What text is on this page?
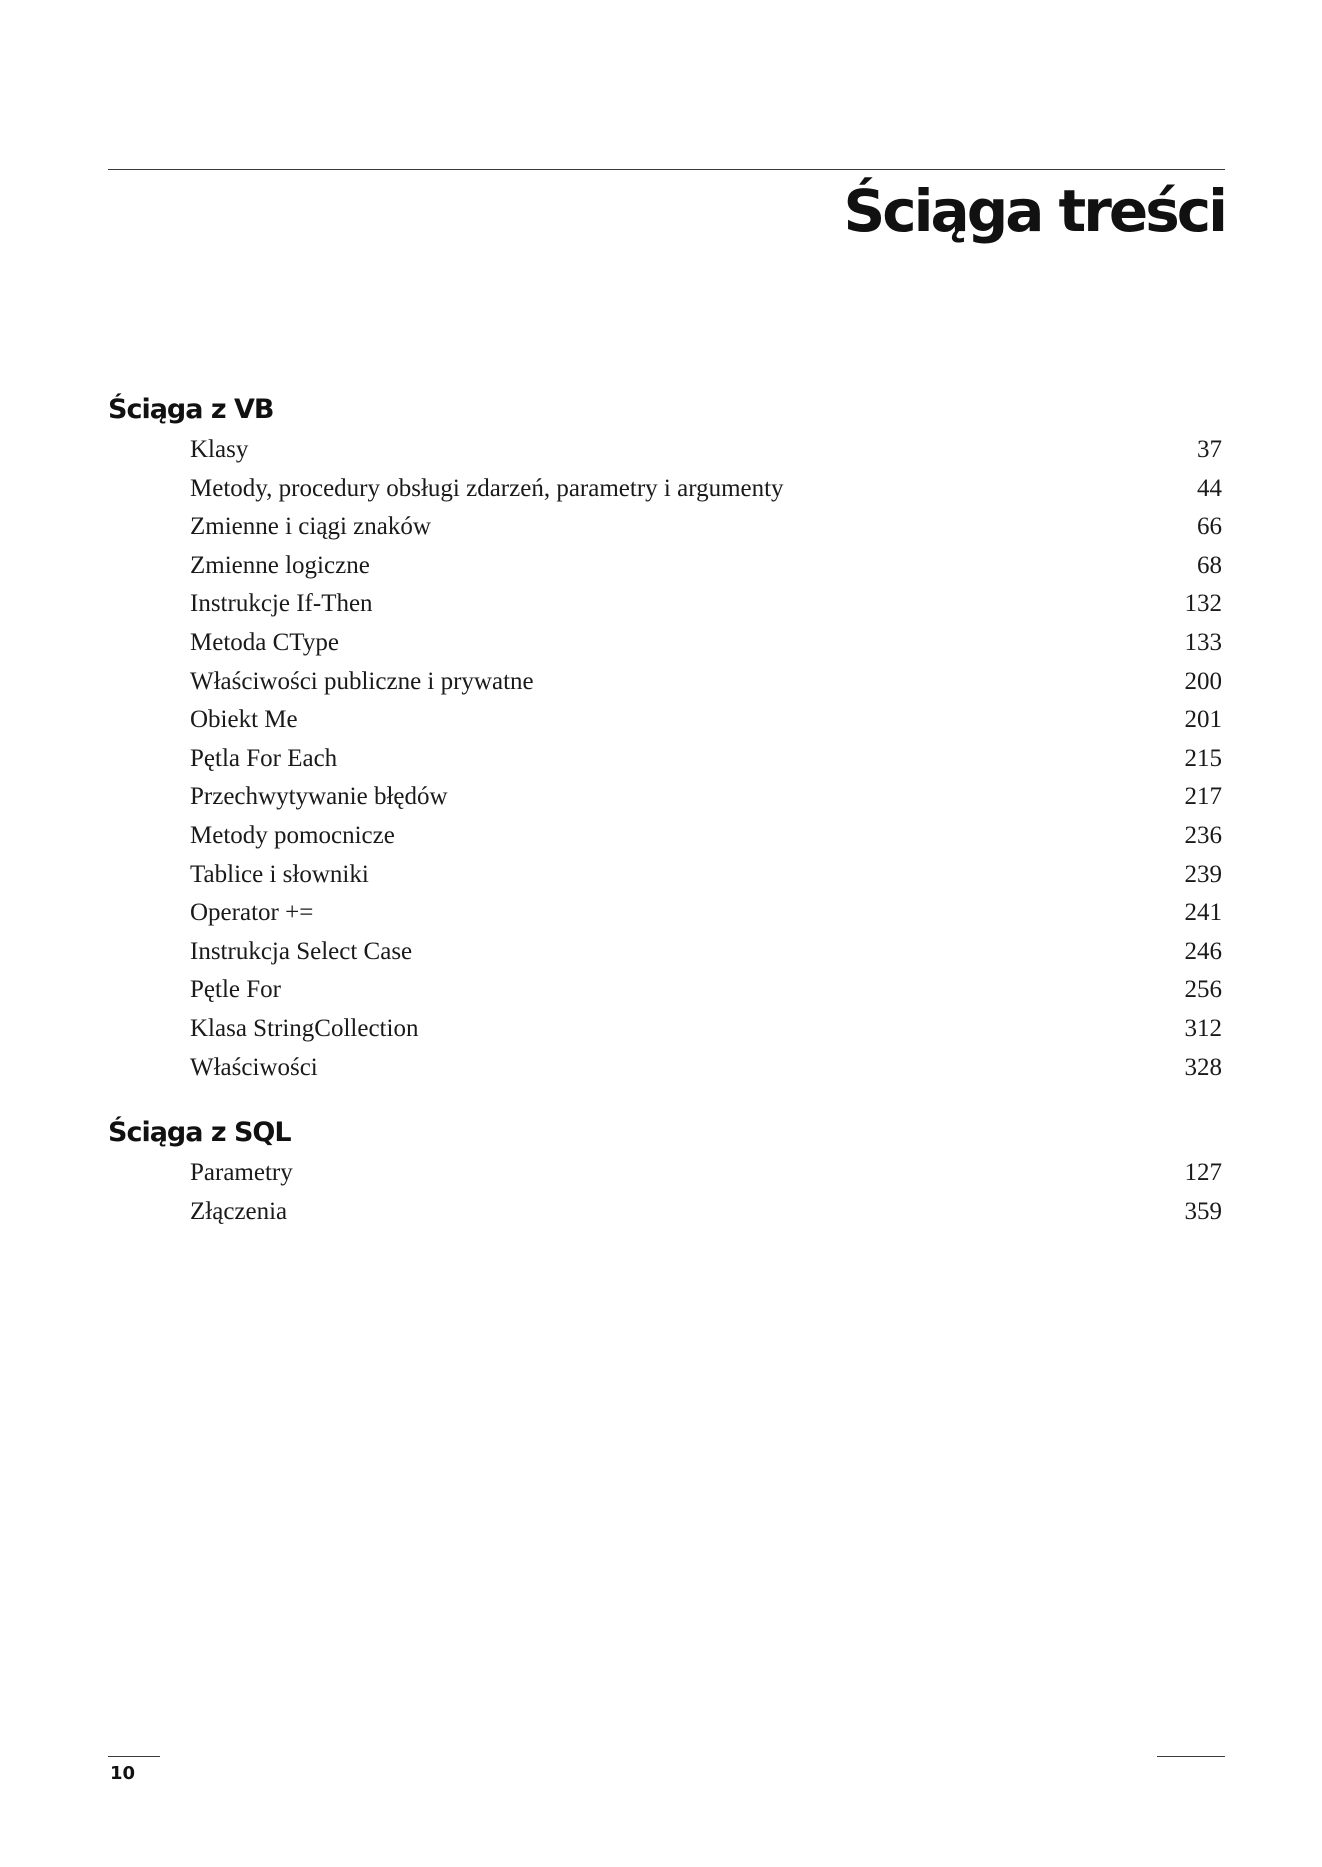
Ściąga treści
Ściąga z VB
Klasy	37
Metody, procedury obsługi zdarzeń, parametry i argumenty	44
Zmienne i ciągi znaków	66
Zmienne logiczne	68
Instrukcje If-Then	132
Metoda CType	133
Właściwości publiczne i prywatne	200
Obiekt Me	201
Pętla For Each	215
Przechwytywanie błędów	217
Metody pomocnicze	236
Tablice i słowniki	239
Operator +=	241
Instrukcja Select Case	246
Pętle For	256
Klasa StringCollection	312
Właściwości	328
Ściąga z SQL
Parametry	127
Złączenia	359
10
